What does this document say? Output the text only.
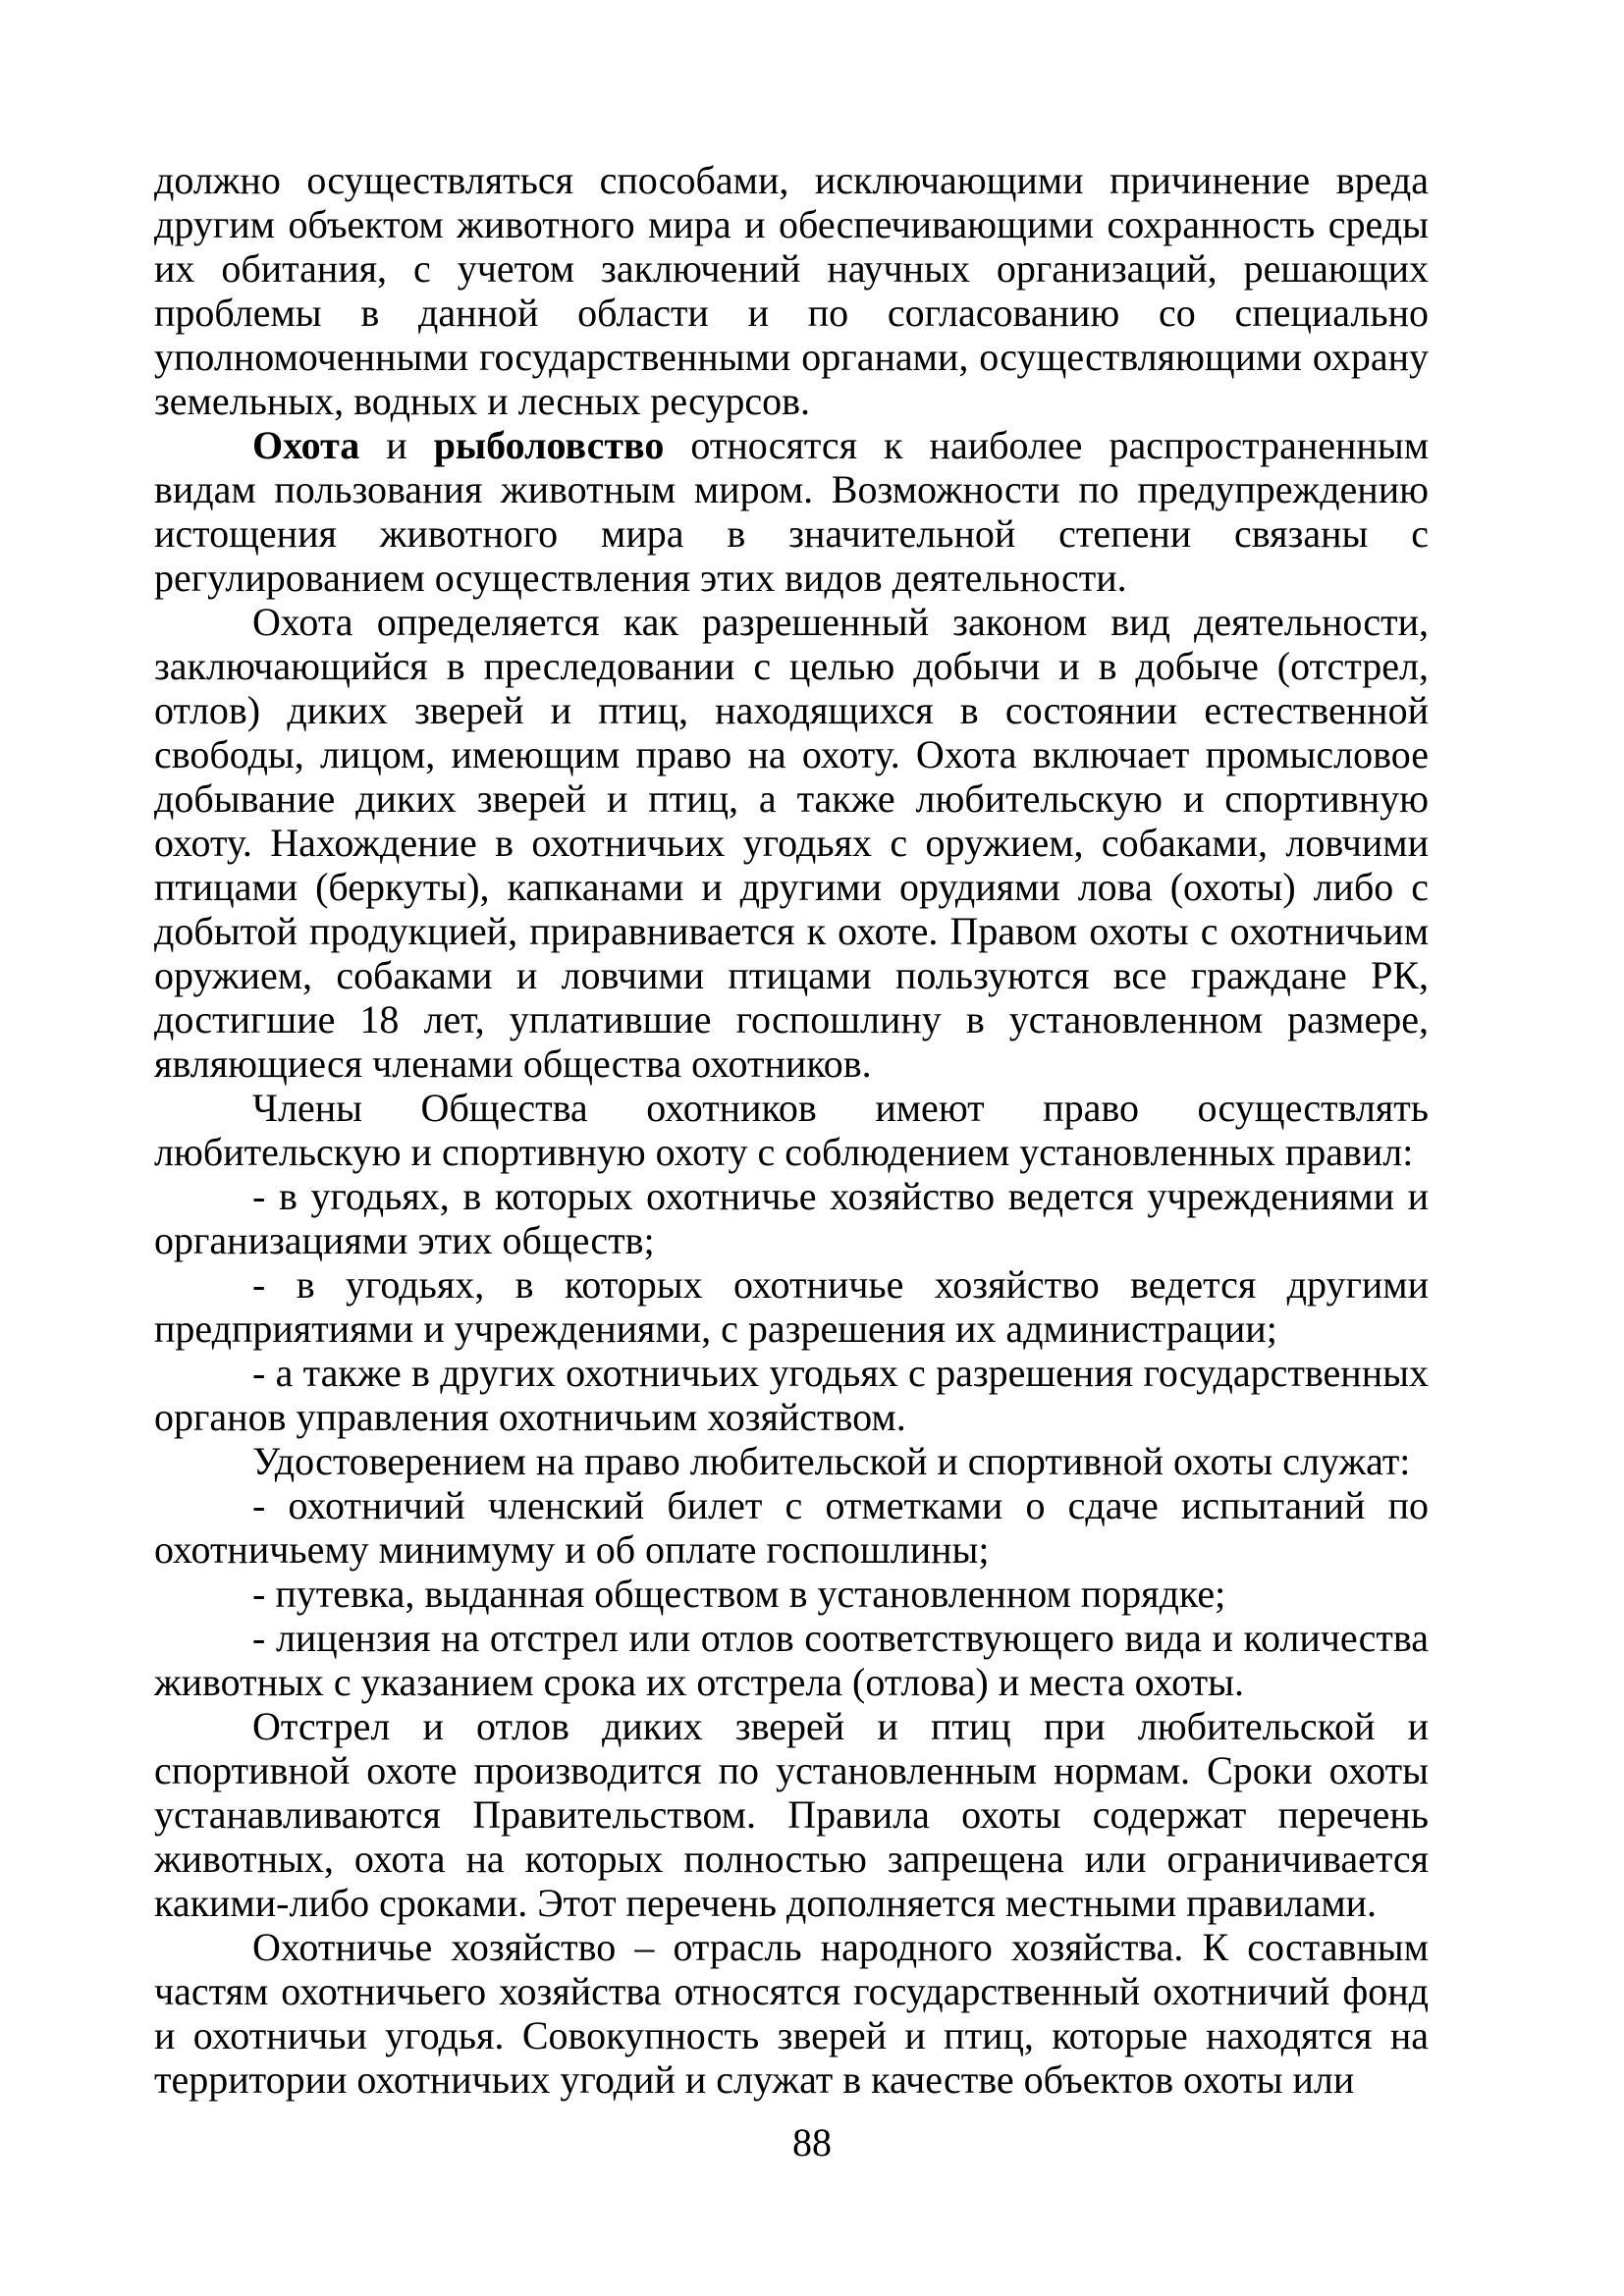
должно осуществляться способами, исключающими причинение вреда другим объектом животного мира и обеспечивающими сохранность среды их обитания, с учетом заключений научных организаций, решающих проблемы в данной области и по согласованию со специально уполномоченными государственными органами, осуществляющими охрану земельных, водных и лесных ресурсов.

Охота и рыболовство относятся к наиболее распространенным видам пользования животным миром. Возможности по предупреждению истощения животного мира в значительной степени связаны с регулированием осуществления этих видов деятельности.

Охота определяется как разрешенный законом вид деятельности, заключающийся в преследовании с целью добычи и в добыче (отстрел, отлов) диких зверей и птиц, находящихся в состоянии естественной свободы, лицом, имеющим право на охоту. Охота включает промысловое добывание диких зверей и птиц, а также любительскую и спортивную охоту. Нахождение в охотничьих угодьях с оружием, собаками, ловчими птицами (беркуты), капканами и другими орудиями лова (охоты) либо с добытой продукцией, приравнивается к охоте. Правом охоты с охотничьим оружием, собаками и ловчими птицами пользуются все граждане РК, достигшие 18 лет, уплатившие госпошлину в установленном размере, являющиеся членами общества охотников.

Члены Общества охотников имеют право осуществлять любительскую и спортивную охоту с соблюдением установленных правил:

- в угодьях, в которых охотничье хозяйство ведется учреждениями и организациями этих обществ;

- в угодьях, в которых охотничье хозяйство ведется другими предприятиями и учреждениями, с разрешения их администрации;

- а также в других охотничьих угодьях с разрешения государственных органов управления охотничьим хозяйством.

Удостоверением на право любительской и спортивной охоты служат:

- охотничий членский билет с отметками о сдаче испытаний по охотничьему минимуму и об оплате госпошлины;

- путевка, выданная обществом в установленном порядке;

- лицензия на отстрел или отлов соответствующего вида и количества животных с указанием срока их отстрела (отлова) и места охоты.

Отстрел и отлов диких зверей и птиц при любительской и спортивной охоте производится по установленным нормам. Сроки охоты устанавливаются Правительством. Правила охоты содержат перечень животных, охота на которых полностью запрещена или ограничивается какими-либо сроками. Этот перечень дополняется местными правилами.

Охотничье хозяйство – отрасль народного хозяйства. К составным частям охотничьего хозяйства относятся государственный охотничий фонд и охотничьи угодья. Совокупность зверей и птиц, которые находятся на территории охотничьих угодий и служат в качестве объектов охоты или

88
